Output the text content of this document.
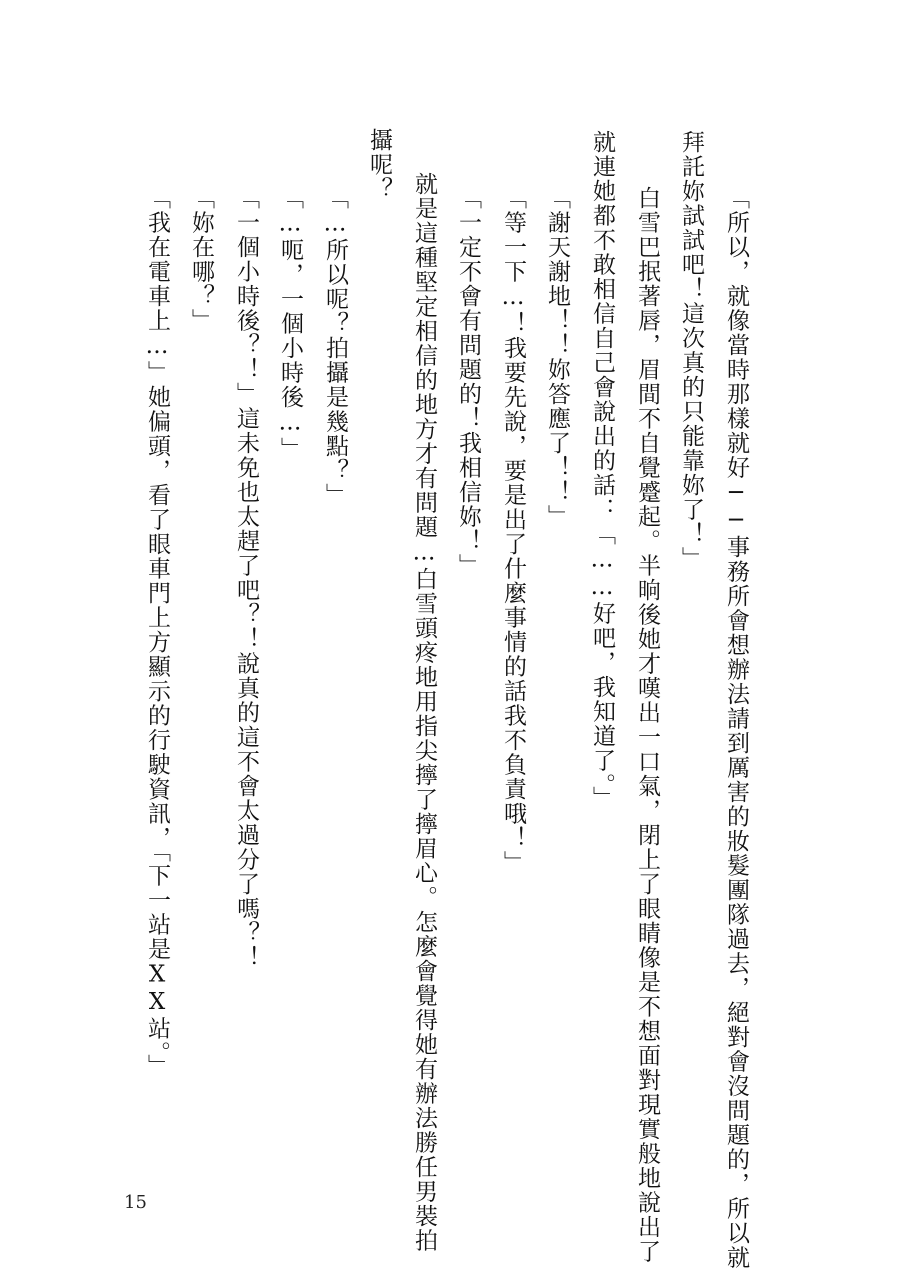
「所以，就像當時那樣就好──事務所會想辦法請到厲害的妝髮團隊過去，絕對會沒問題的，所以就
拜託妳試試吧！這次真的只能靠妳了！」
白雪巴抿著唇，眉間不自覺蹙起。半晌後她才嘆出一口氣，閉上了眼睛像是不想面對現實般地說出了
就連她都不敢相信自己會說出的話：「……好吧，我知道了。」
「謝天謝地！！妳答應了！！」
「等一下…！我要先說，要是出了什麼事情的話我不負責哦！」
「一定不會有問題的！我相信妳！」
就是這種堅定相信的地方才有問題…白雪頭疼地用指尖擰了擰眉心。怎麼會覺得她有辦法勝任男裝拍
攝呢？
「…所以呢？拍攝是幾點？」
「…呃，一個小時後…」
「一個小時後？！」這未免也太趕了吧？！說真的這不會太過分了嗎？！
「妳在哪？」
「我在電車上…」她偏頭，看了眼車門上方顯示的行駛資訊，「下一站是XX站。」
15
